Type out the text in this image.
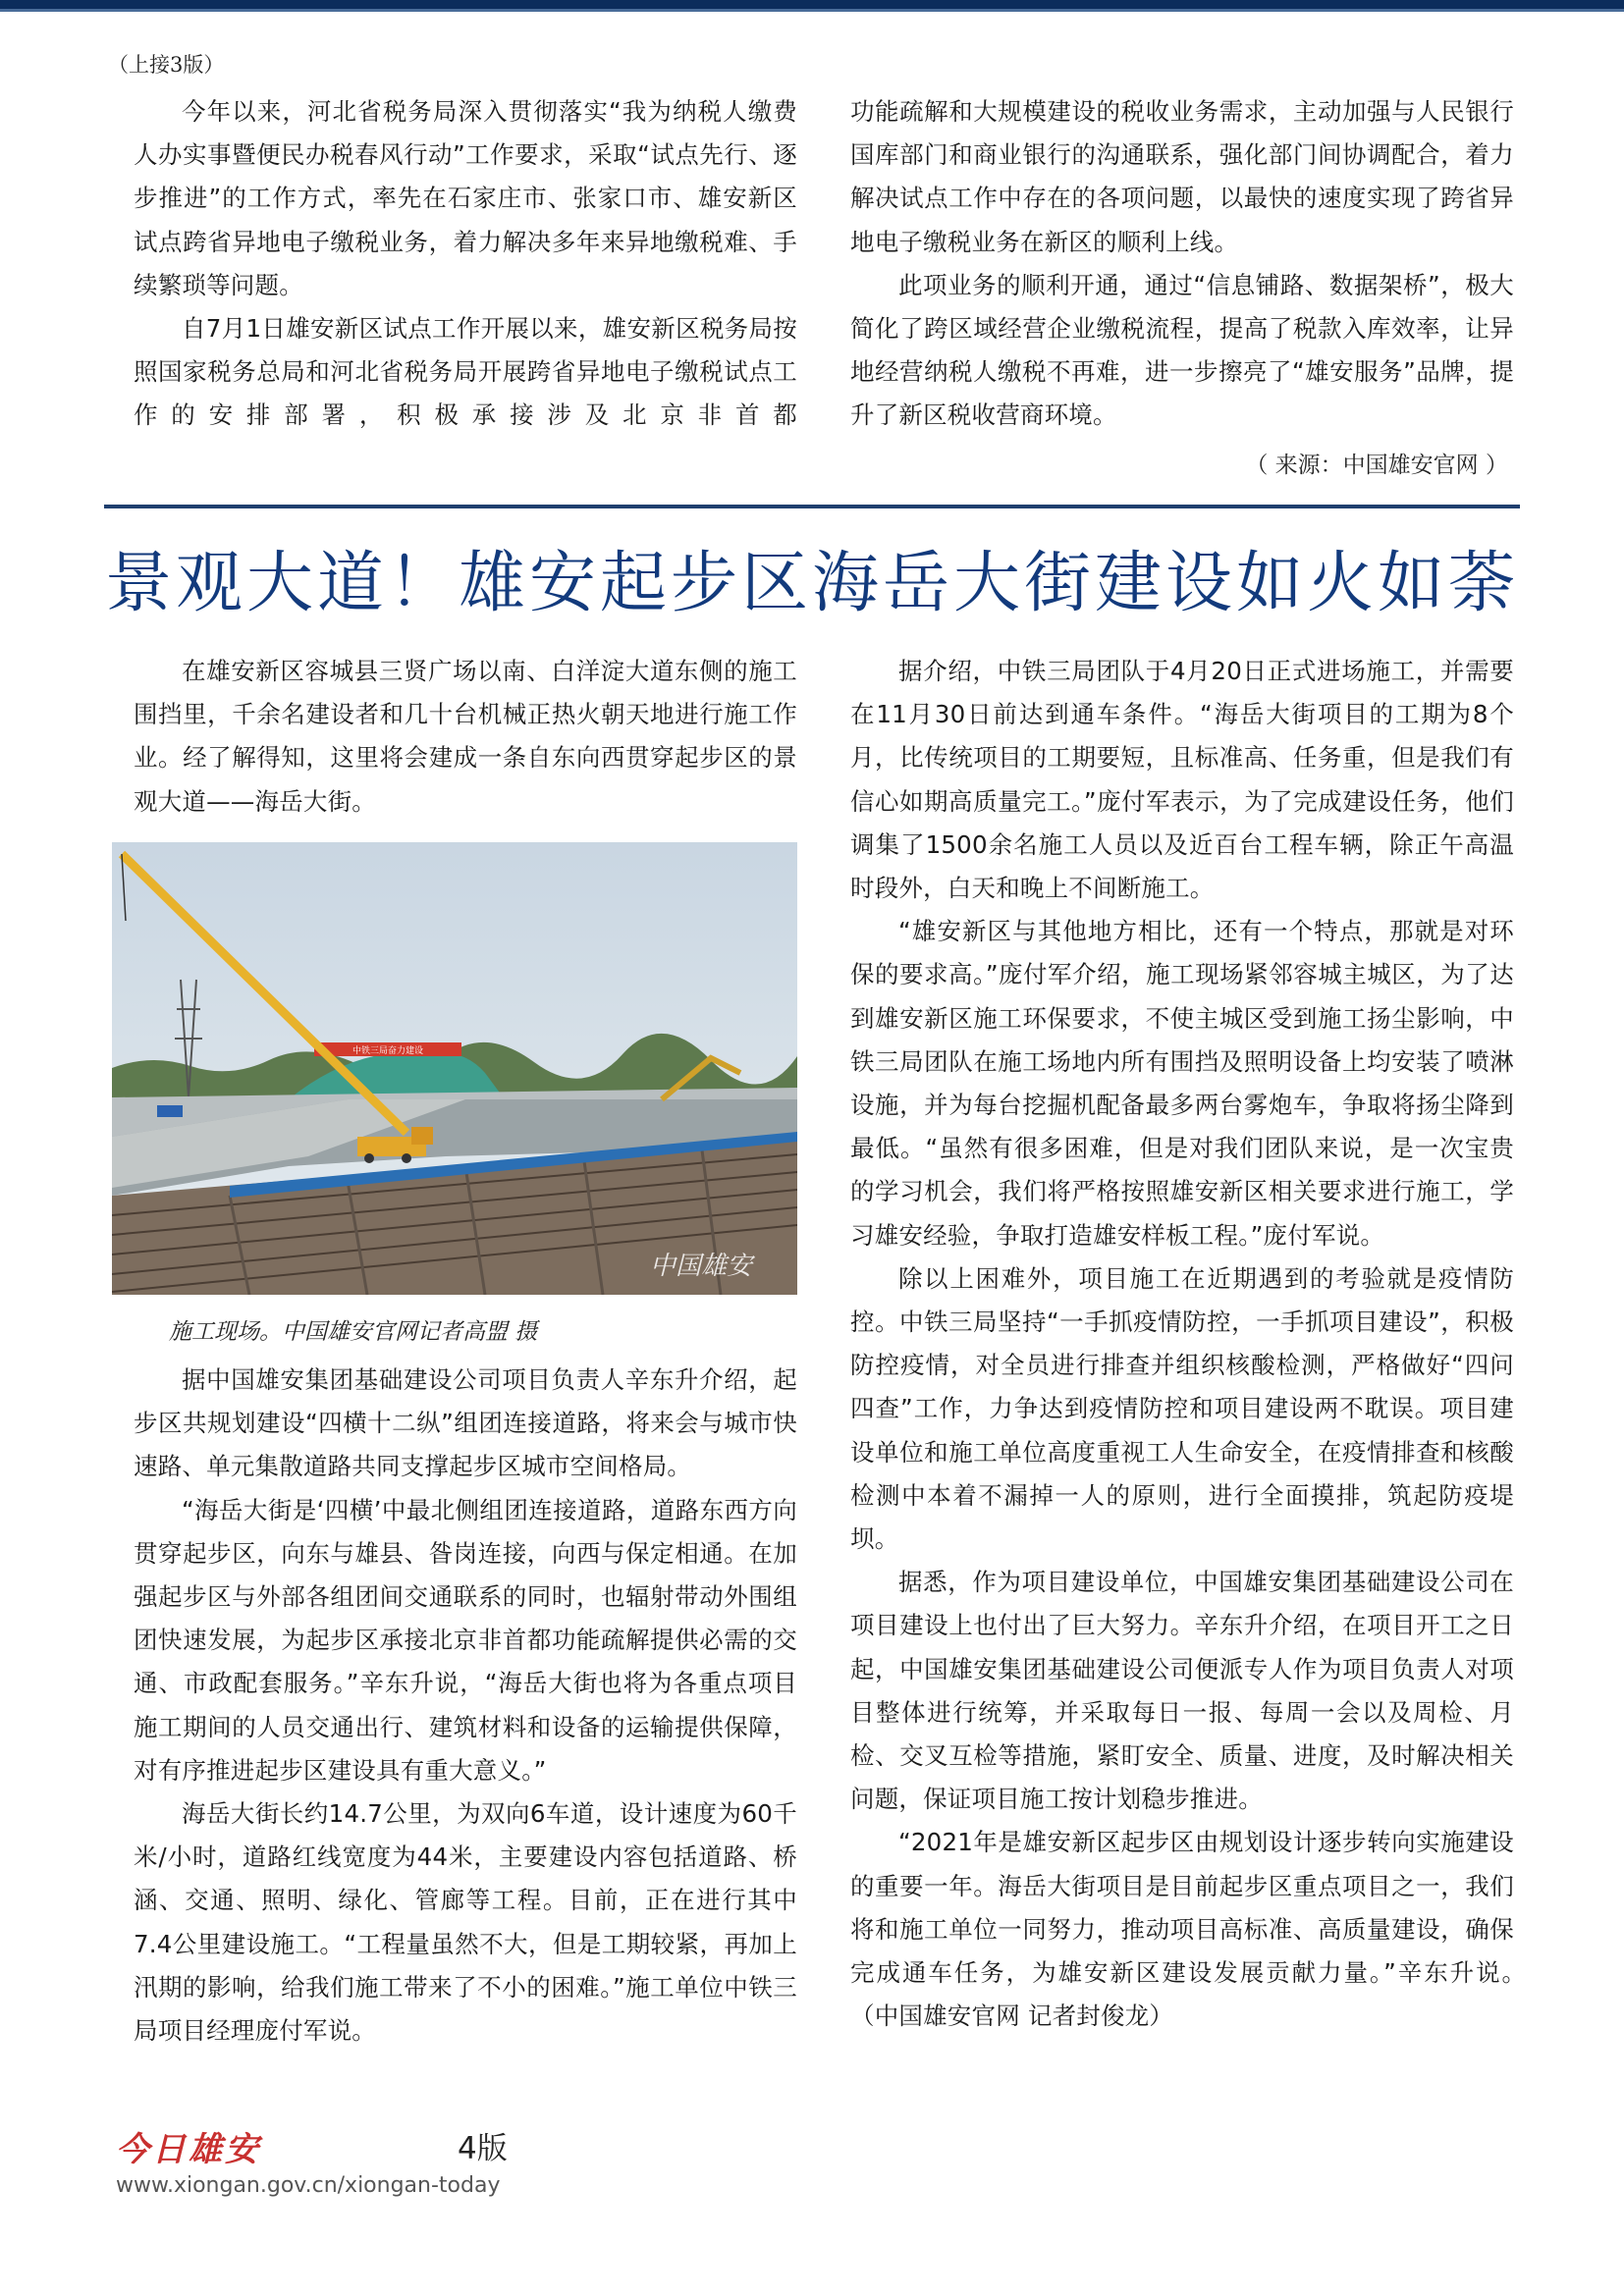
（上接3版）

今年以来，河北省税务局深入贯彻落实“我为纳税人缴费人办实事暨便民办税春风行动”工作要求，采取“试点先行、逐步推进”的工作方式，率先在石家庄市、张家口市、雄安新区试点跨省异地电子缴税业务，着力解决多年来异地缴税难、手续繁琐等问题。

自7月1日雄安新区试点工作开展以来，雄安新区税务局按照国家税务总局和河北省税务局开展跨省异地电子缴税试点工作的安排部署，积极承接涉及北京非首都

功能疏解和大规模建设的税收业务需求，主动加强与人民银行国库部门和商业银行的沟通联系，强化部门间协调配合，着力解决试点工作中存在的各项问题，以最快的速度实现了跨省异地电子缴税业务在新区的顺利上线。

此项业务的顺利开通，通过“信息铺路、数据架桥”，极大简化了跨区域经营企业缴税流程，提高了税款入库效率，让异地经营纳税人缴税不再难，进一步擦亮了“雄安服务”品牌，提升了新区税收营商环境。

（ 来源：中国雄安官网 ）
景观大道！雄安起步区海岳大街建设如火如荼

在雄安新区容城县三贤广场以南、白洋淀大道东侧的施工围挡里，千余名建设者和几十台机械正热火朝天地进行施工作业。经了解得知，这里将会建成一条自东向西贯穿起步区的景观大道——海岳大街。

中铁三局奋力建设
中国雄安
施工现场。中国雄安官网记者高盟 摄

据中国雄安集团基础建设公司项目负责人辛东升介绍，起步区共规划建设“四横十二纵”组团连接道路，将来会与城市快速路、单元集散道路共同支撑起步区城市空间格局。

“海岳大街是‘四横’中最北侧组团连接道路，道路东西方向贯穿起步区，向东与雄县、昝岗连接，向西与保定相通。在加强起步区与外部各组团间交通联系的同时，也辐射带动外围组团快速发展，为起步区承接北京非首都功能疏解提供必需的交通、市政配套服务。”辛东升说，“海岳大街也将为各重点项目施工期间的人员交通出行、建筑材料和设备的运输提供保障，对有序推进起步区建设具有重大意义。”

海岳大街长约14.7公里，为双向6车道，设计速度为60千米/小时，道路红线宽度为44米，主要建设内容包括道路、桥涵、交通、照明、绿化、管廊等工程。目前，正在进行其中7.4公里建设施工。“工程量虽然不大，但是工期较紧，再加上汛期的影响，给我们施工带来了不小的困难。”施工单位中铁三局项目经理庞付军说。

据介绍，中铁三局团队于4月20日正式进场施工，并需要在11月30日前达到通车条件。“海岳大街项目的工期为8个月，比传统项目的工期要短，且标准高、任务重，但是我们有信心如期高质量完工。”庞付军表示，为了完成建设任务，他们调集了1500余名施工人员以及近百台工程车辆，除正午高温时段外，白天和晚上不间断施工。

“雄安新区与其他地方相比，还有一个特点，那就是对环保的要求高。”庞付军介绍，施工现场紧邻容城主城区，为了达到雄安新区施工环保要求，不使主城区受到施工扬尘影响，中铁三局团队在施工场地内所有围挡及照明设备上均安装了喷淋设施，并为每台挖掘机配备最多两台雾炮车，争取将扬尘降到最低。“虽然有很多困难，但是对我们团队来说，是一次宝贵的学习机会，我们将严格按照雄安新区相关要求进行施工，学习雄安经验，争取打造雄安样板工程。”庞付军说。

除以上困难外，项目施工在近期遇到的考验就是疫情防控。中铁三局坚持“一手抓疫情防控，一手抓项目建设”，积极防控疫情，对全员进行排查并组织核酸检测，严格做好“四问四查”工作，力争达到疫情防控和项目建设两不耽误。项目建设单位和施工单位高度重视工人生命安全，在疫情排查和核酸检测中本着不漏掉一人的原则，进行全面摸排，筑起防疫堤坝。

据悉，作为项目建设单位，中国雄安集团基础建设公司在项目建设上也付出了巨大努力。辛东升介绍，在项目开工之日起，中国雄安集团基础建设公司便派专人作为项目负责人对项目整体进行统筹，并采取每日一报、每周一会以及周检、月检、交叉互检等措施，紧盯安全、质量、进度，及时解决相关问题，保证项目施工按计划稳步推进。

“2021年是雄安新区起步区由规划设计逐步转向实施建设的重要一年。海岳大街项目是目前起步区重点项目之一，我们将和施工单位一同努力，推动项目高标准、高质量建设，确保完成通车任务，为雄安新区建设发展贡献力量。”辛东升说。　（中国雄安官网 记者封俊龙）

今日雄安	4版
www.xiongan.gov.cn/xiongan-today
